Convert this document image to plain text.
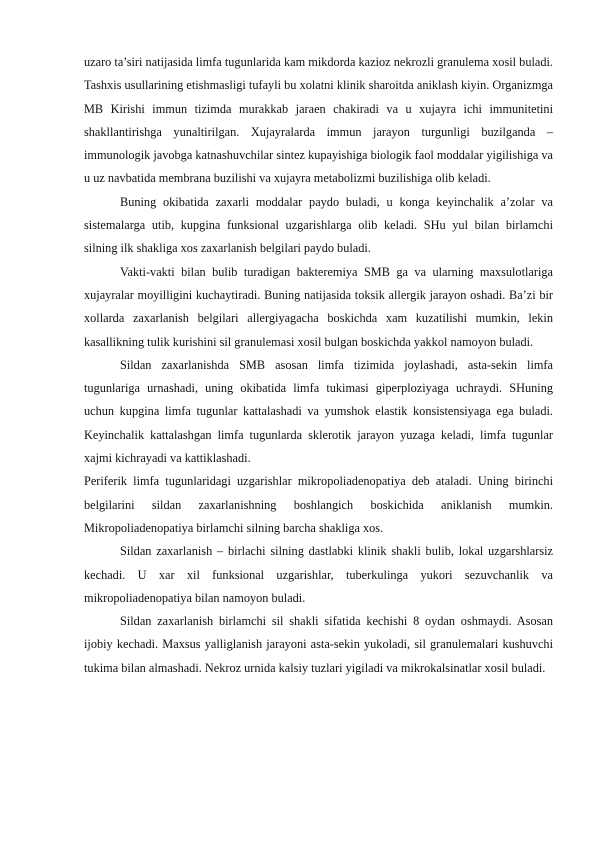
uzaro ta’siri natijasida limfa tugunlarida kam mikdorda kazioz nekrozli granulema xosil buladi. Tashxis usullarining etishmasligi tufayli bu xolatni klinik sharoitda aniklash kiyin. Organizmga MB Kirishi immun tizimda murakkab jaraen chakiradi va u xujayra ichi immunitetini shakllantirishga yunaltirilgan. Xujayralarda immun jarayon turgunligi buzilganda – immunologik javobga katnashuvchilar sintez kupayishiga biologik faol moddalar yigilishiga va u uz navbatida membrana buzilishi va xujayra metabolizmi buzilishiga olib keladi.

Buning okibatida zaxarli moddalar paydo buladi, u konga keyinchalik a’zolar va sistemalarga utib, kupgina funksional uzgarishlarga olib keladi. SHu yul bilan birlamchi silning ilk shakliga xos zaxarlanish belgilari paydo buladi.

Vakti-vakti bilan bulib turadigan bakteremiya SMB ga va ularning maxsulotlariga xujayralar moyilligini kuchaytiradi. Buning natijasida toksik allergik jarayon oshadi. Ba’zi bir xollarda zaxarlanish belgilari allergiyagacha boskichda xam kuzatilishi mumkin, lekin kasallikning tulik kurishini sil granulemasi xosil bulgan boskichda yakkol namoyon buladi.

Sildan zaxarlanishda SMB asosan limfa tizimida joylashadi, asta-sekin limfa tugunlariga urnashadi, uning okibatida limfa tukimasi giperploziyaga uchraydi. SHuning uchun kupgina limfa tugunlar kattalashadi va yumshok elastik konsistensiyaga ega buladi. Keyinchalik kattalashgan limfa tugunlarda sklerotik jarayon yuzaga keladi, limfa tugunlar xajmi kichrayadi va kattiklashadi.

Periferik limfa tugunlaridagi uzgarishlar mikropoliadenopatiya deb ataladi. Uning birinchi belgilarini sildan zaxarlanishning boshlangich boskichida aniklanish mumkin. Mikropoliadenopatiya birlamchi silning barcha shakliga xos.

Sildan zaxarlanish – birlachi silning dastlabki klinik shakli bulib, lokal uzgarshlarsiz kechadi. U xar xil funksional uzgarishlar, tuberkulinga yukori sezuvchanlik va mikropoliadenopatiya bilan namoyon buladi.

Sildan zaxarlanish birlamchi sil shakli sifatida kechishi 8 oydan oshmaydi. Asosan ijobiy kechadi. Maxsus yalliglanish jarayoni asta-sekin yukoladi, sil granulemalari kushuvchi tukima bilan almashadi. Nekroz urnida kalsiy tuzlari yigiladi va mikrokalsinatlar xosil buladi.
